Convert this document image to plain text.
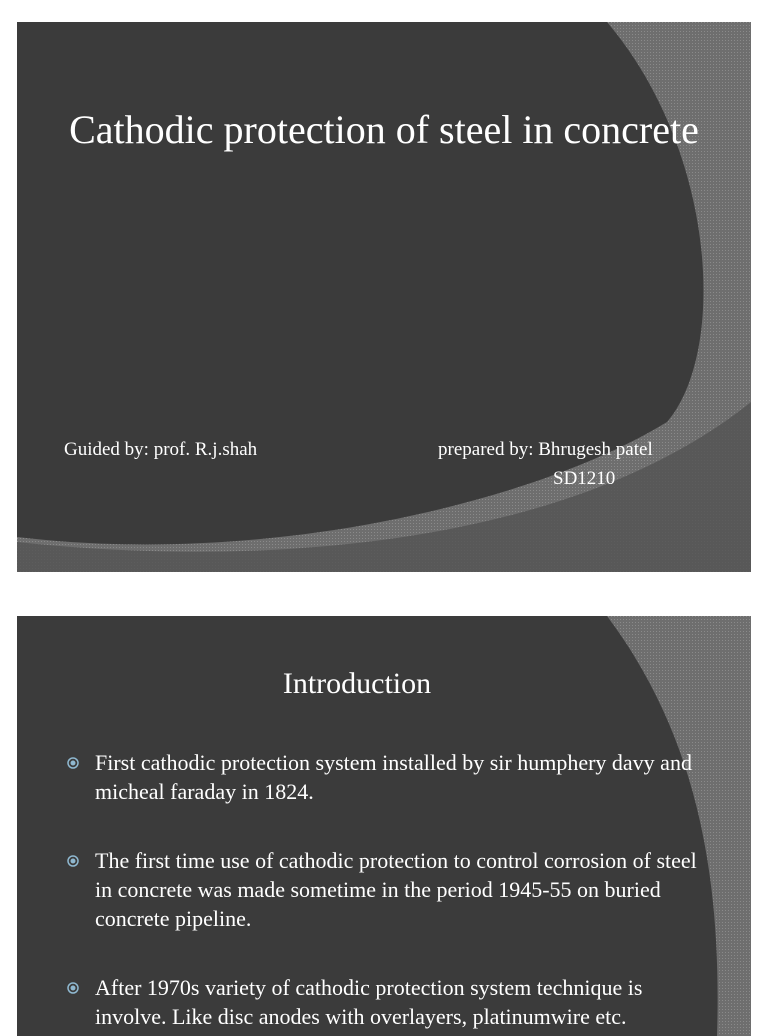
Cathodic protection of steel in concrete
Guided by: prof. R.j.shah	prepared by: Bhrugesh patel
SD1210
Introduction
First cathodic protection system installed by sir humphery davy and micheal faraday in 1824.
The first time use of cathodic protection to control corrosion of steel in concrete was made sometime in the period 1945-55 on buried concrete pipeline.
After 1970s variety of cathodic protection system technique is involve. Like disc anodes with overlayers, platinumwire etc.
